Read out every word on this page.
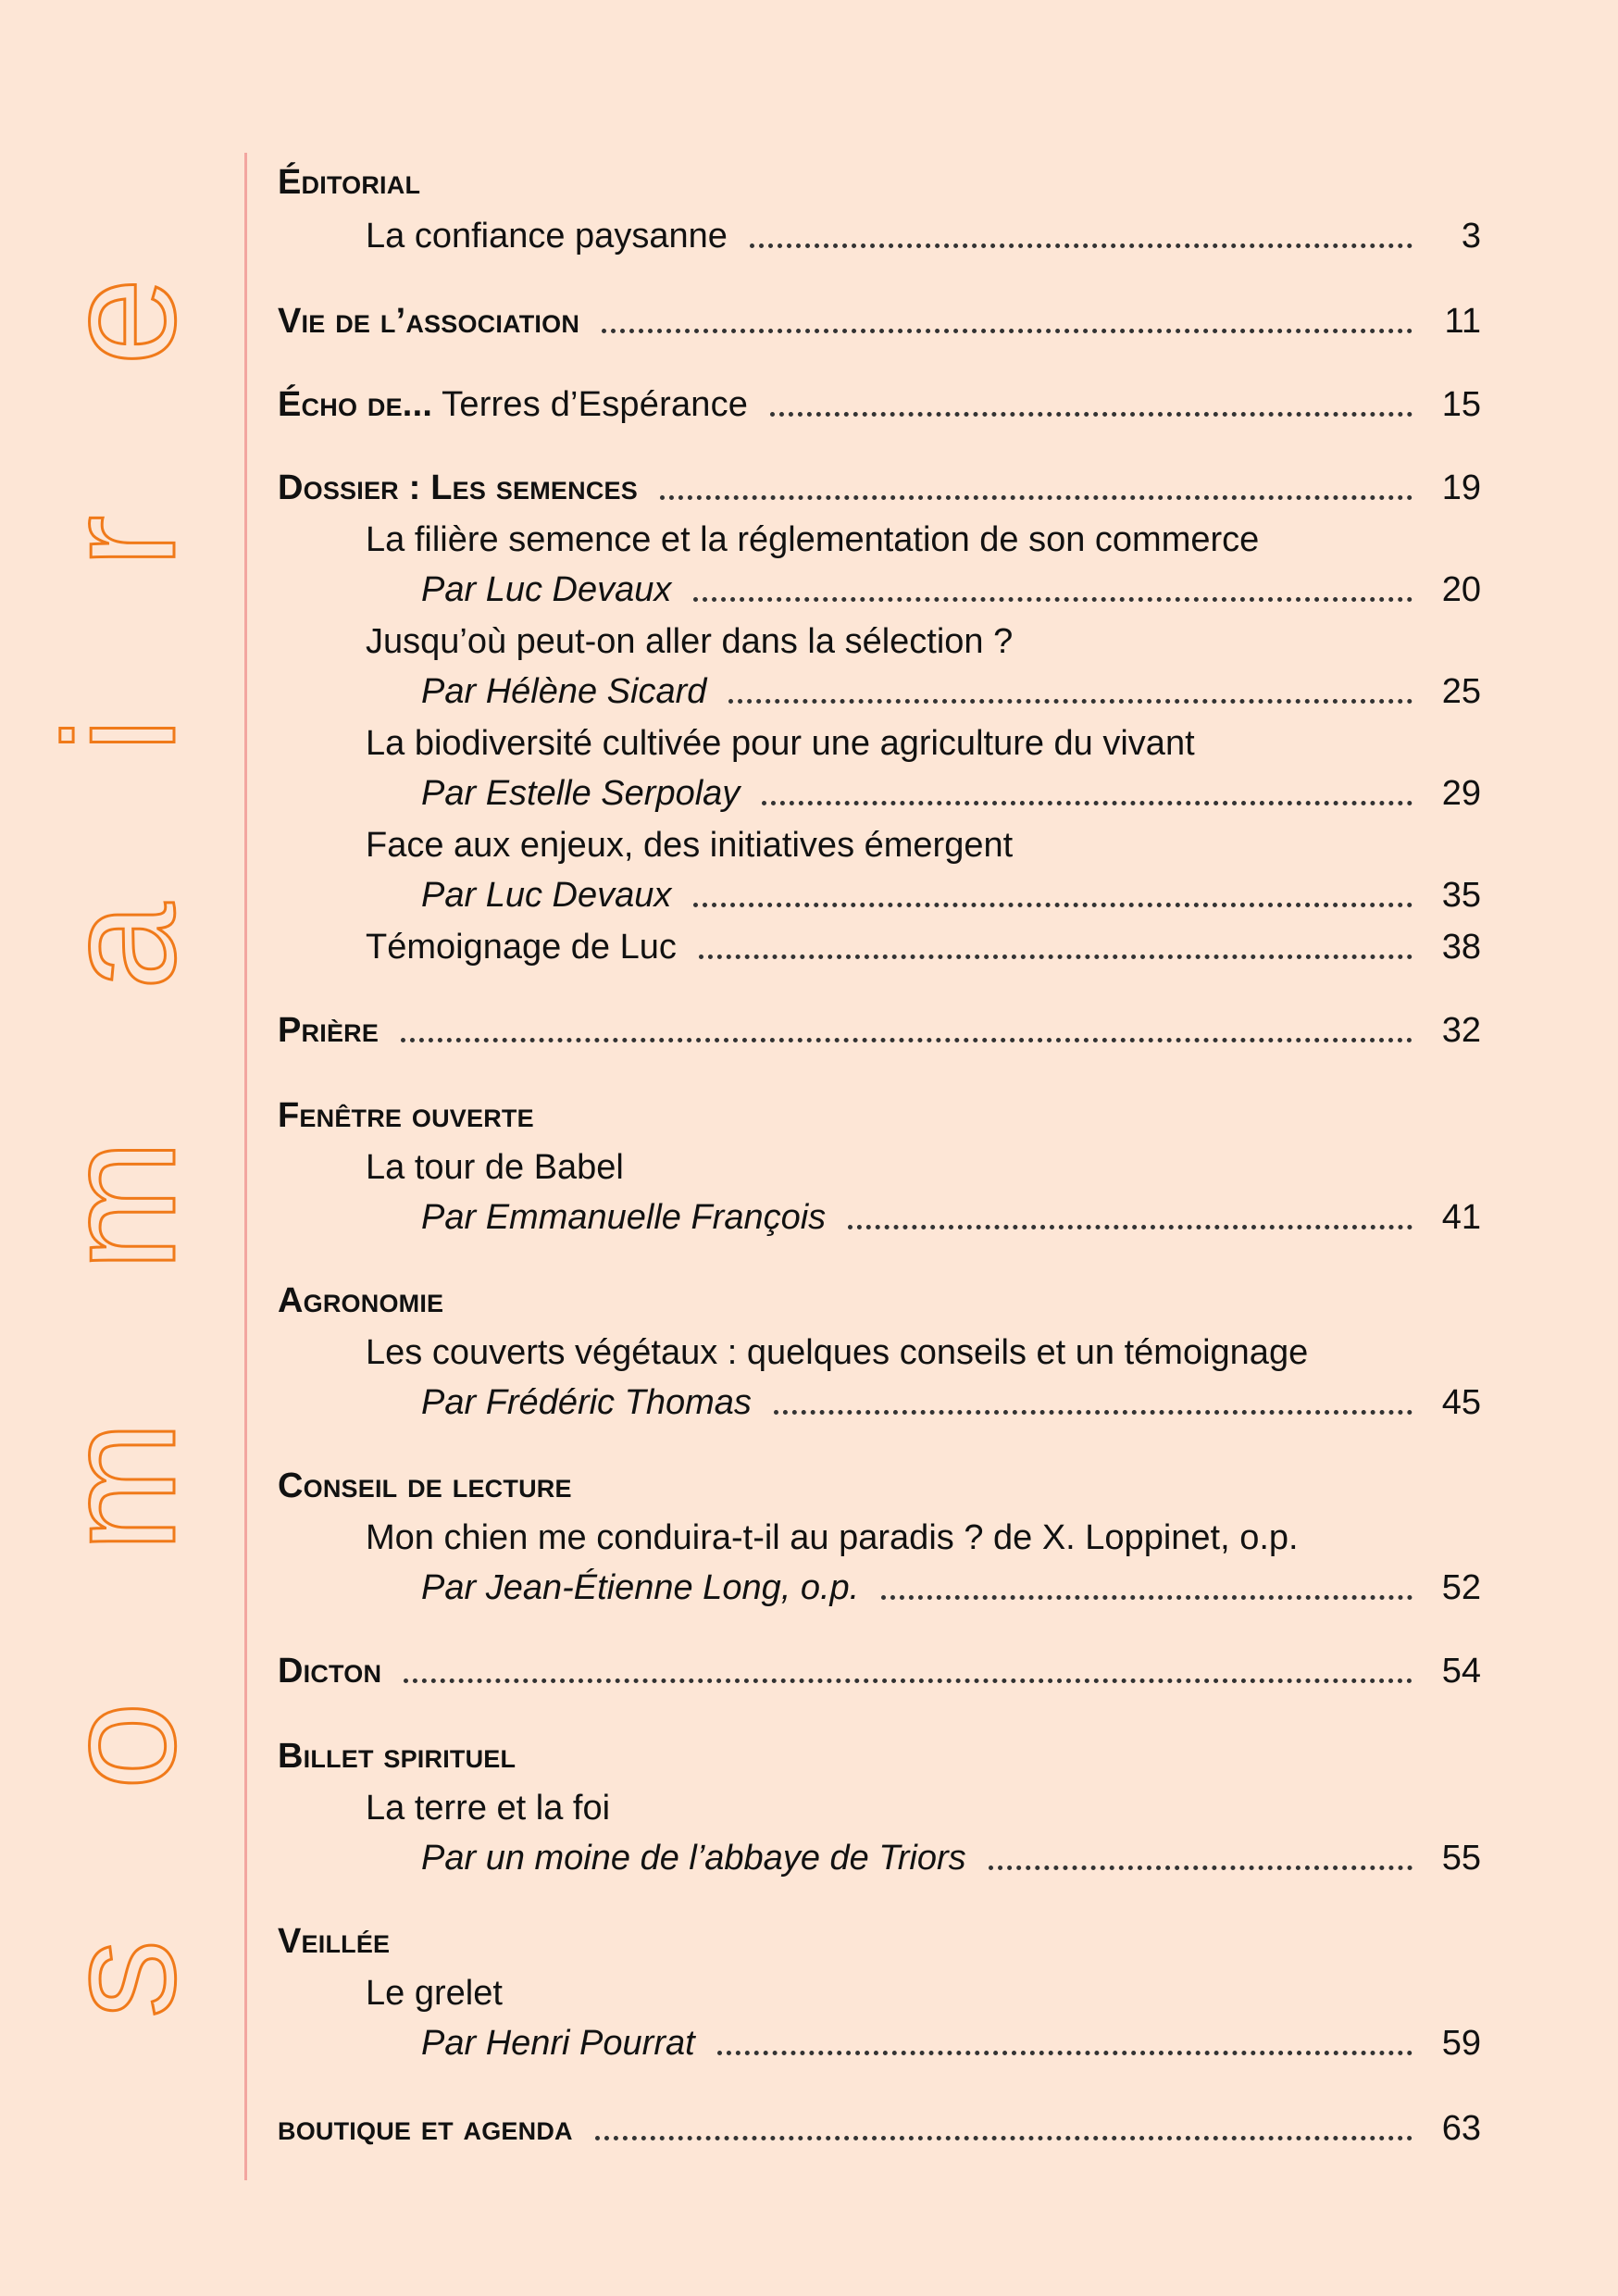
sommaire
Éditorial
La confiance paysanne	3
Vie de l’association	11
Écho de... Terres d’Espérance	15
Dossier : Les semences	19
La filière semence et la réglementation de son commerce
Par Luc Devaux	20
Jusqu’où peut-on aller dans la sélection ?
Par Hélène Sicard	25
La biodiversité cultivée pour une agriculture du vivant
Par Estelle Serpolay	29
Face aux enjeux, des initiatives émergent
Par Luc Devaux	35
Témoignage de Luc	38
Prière	32
Fenêtre ouverte
La tour de Babel
Par Emmanuelle François	41
Agronomie
Les couverts végétaux : quelques conseils et un témoignage
Par Frédéric Thomas	45
Conseil de lecture
Mon chien me conduira-t-il au paradis ? de X. Loppinet, o.p.
Par Jean-Étienne Long, o.p.	52
Dicton	54
Billet spirituel
La terre et la foi
Par un moine de l’abbaye de Triors	55
Veillée
Le grelet
Par Henri Pourrat	59
boutique et agenda	63
